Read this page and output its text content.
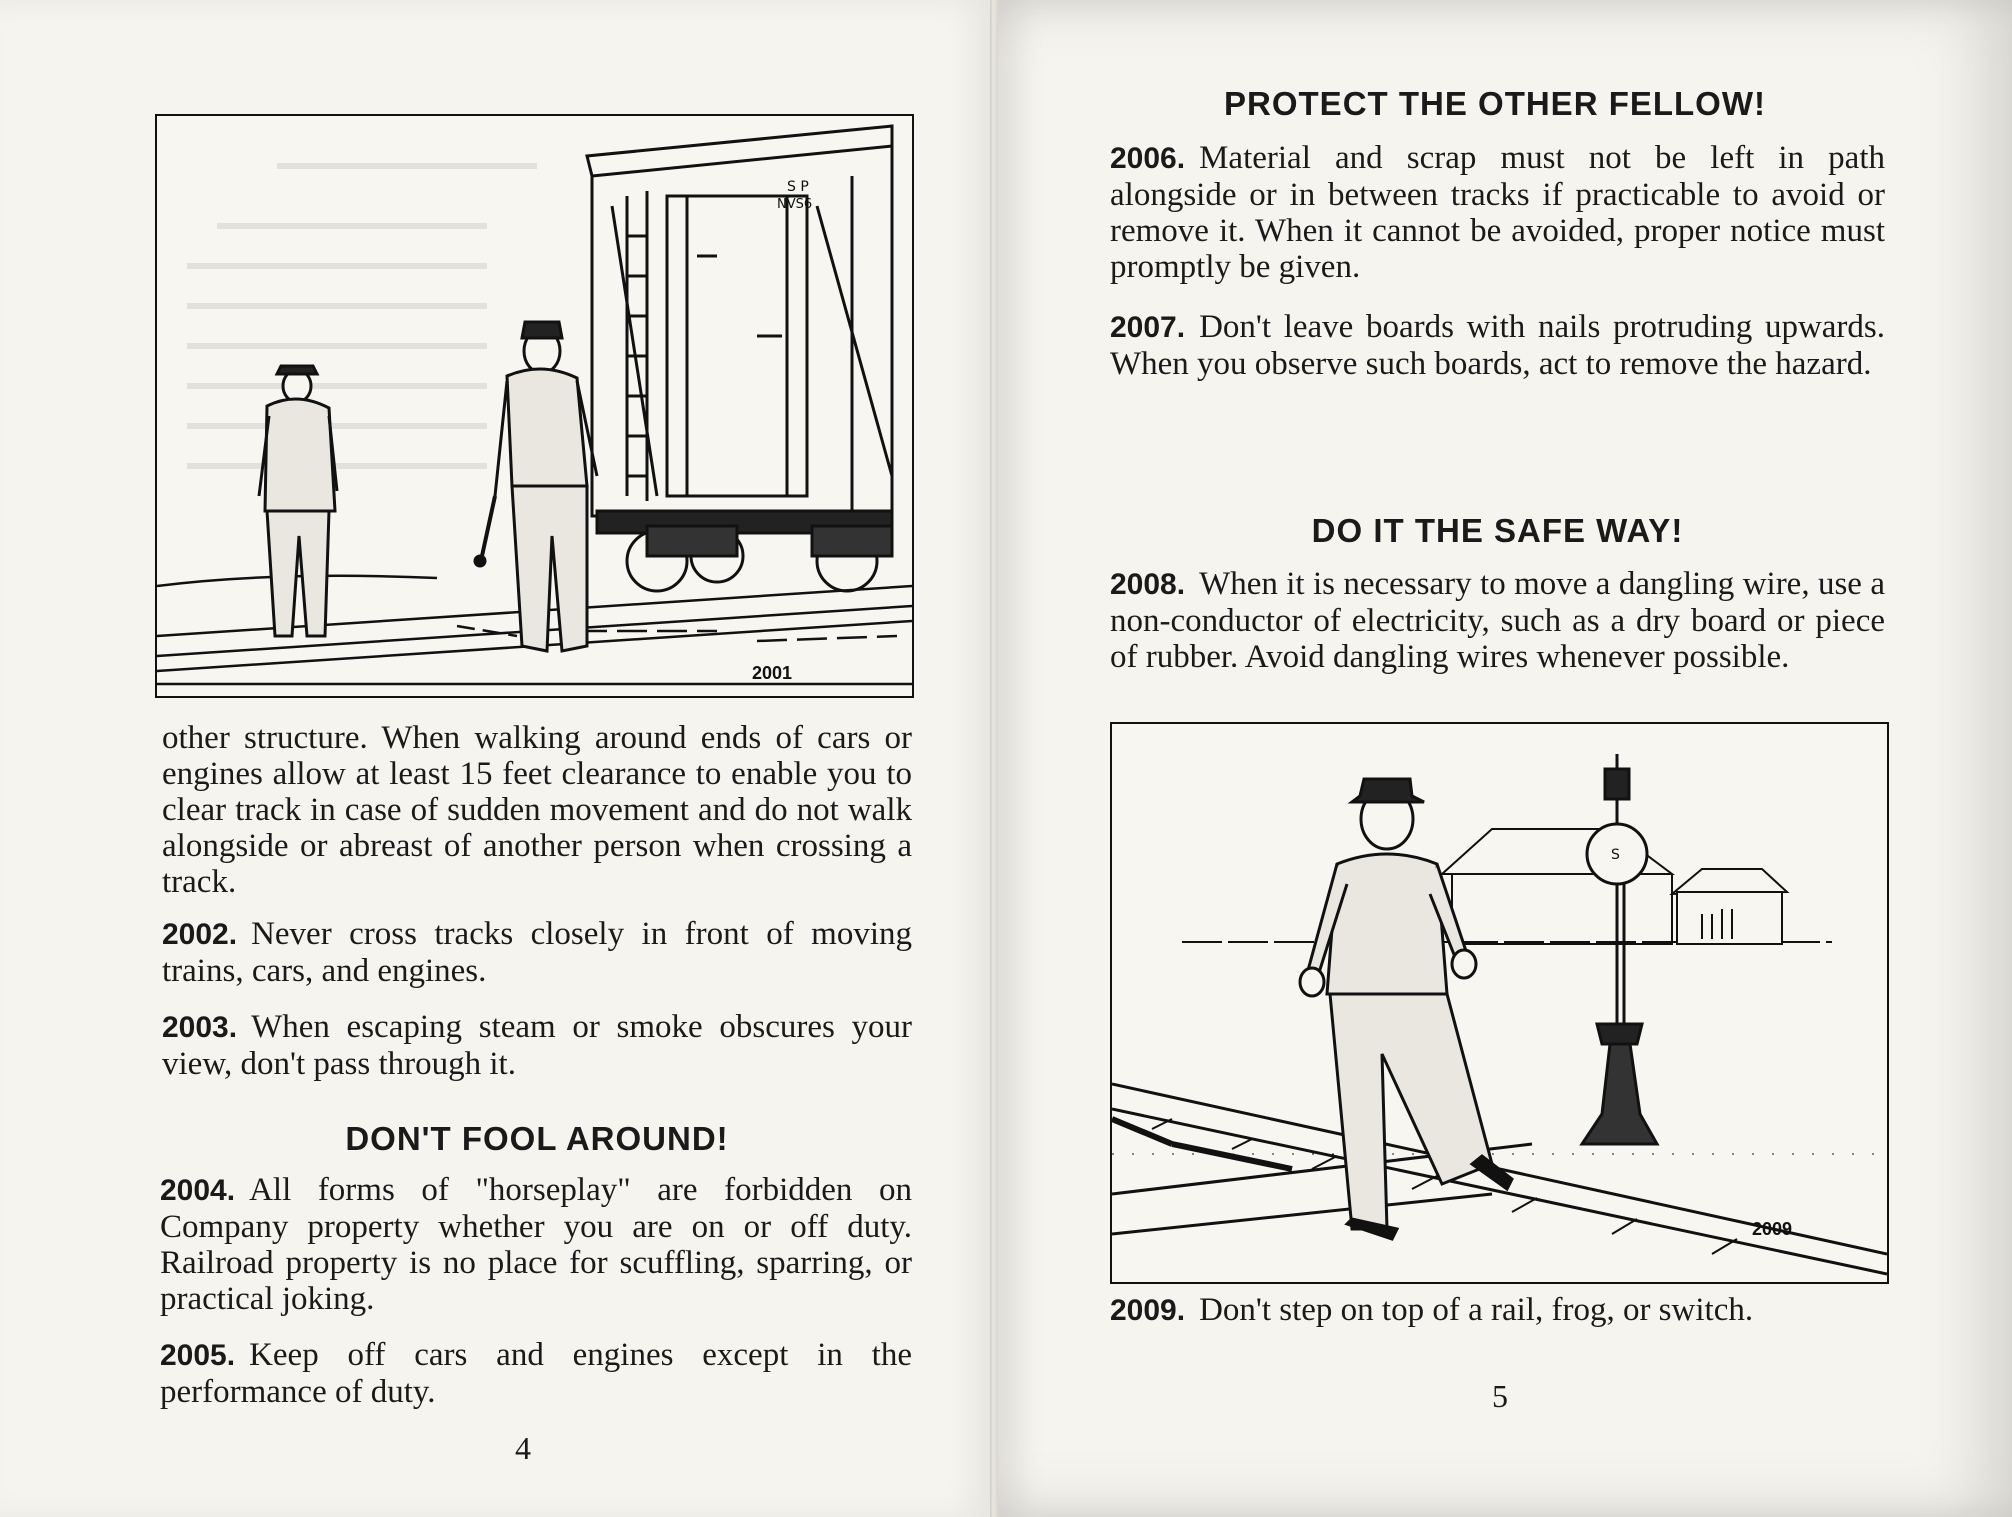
S P
NVS6
2001

other structure. When walking around ends of cars or engines allow at least 15 feet clearance to enable you to clear track in case of sudden movement and do not walk alongside or abreast of another person when crossing a track.

2002. Never cross tracks closely in front of moving trains, cars, and engines.

2003. When escaping steam or smoke obscures your view, don't pass through it.

DON'T FOOL AROUND!

2004. All forms of "horseplay" are forbidden on Company property whether you are on or off duty. Railroad property is no place for scuffling, sparring, or practical joking.

2005. Keep off cars and engines except in the performance of duty.

4
PROTECT THE OTHER FELLOW!

2006. Material and scrap must not be left in path alongside or in between tracks if practicable to avoid or remove it. When it cannot be avoided, proper notice must promptly be given.

2007. Don't leave boards with nails protruding upwards. When you observe such boards, act to remove the hazard.

DO IT THE SAFE WAY!

2008. When it is necessary to move a dangling wire, use a non-conductor of electricity, such as a dry board or piece of rubber. Avoid dangling wires whenever possible.

S
2009

2009. Don't step on top of a rail, frog, or switch.

5
